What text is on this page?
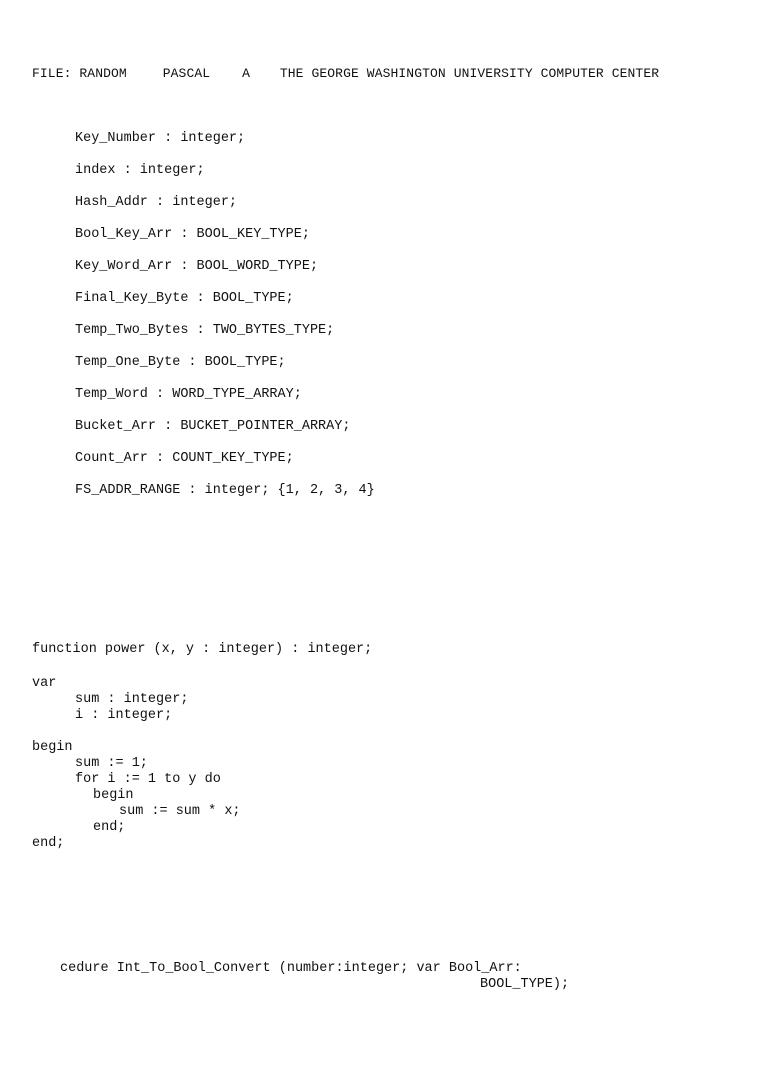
FILE: RANDOM	PASCAL A THE GEORGE WASHINGTON UNIVERSITY COMPUTER CENTER
Key_Number : integer;
index : integer;
Hash_Addr : integer;
Bool_Key_Arr : BOOL_KEY_TYPE;
Key_Word_Arr : BOOL_WORD_TYPE;
Final_Key_Byte : BOOL_TYPE;
Temp_Two_Bytes : TWO_BYTES_TYPE;
Temp_One_Byte : BOOL_TYPE;
Temp_Word : WORD_TYPE_ARRAY;
Bucket_Arr : BUCKET_POINTER_ARRAY;
Count_Arr : COUNT_KEY_TYPE;
FS_ADDR_RANGE : integer; {1, 2, 3, 4}

function power (x, y : integer) : integer;

var

sum : integer;

i : integer;

begin

sum := 1;

for i := 1 to y do

begin

sum := sum * x;

end;

end;

cedure Int_To_Bool_Convert (number:integer; var Bool_Arr:

BOOL_TYPE);
